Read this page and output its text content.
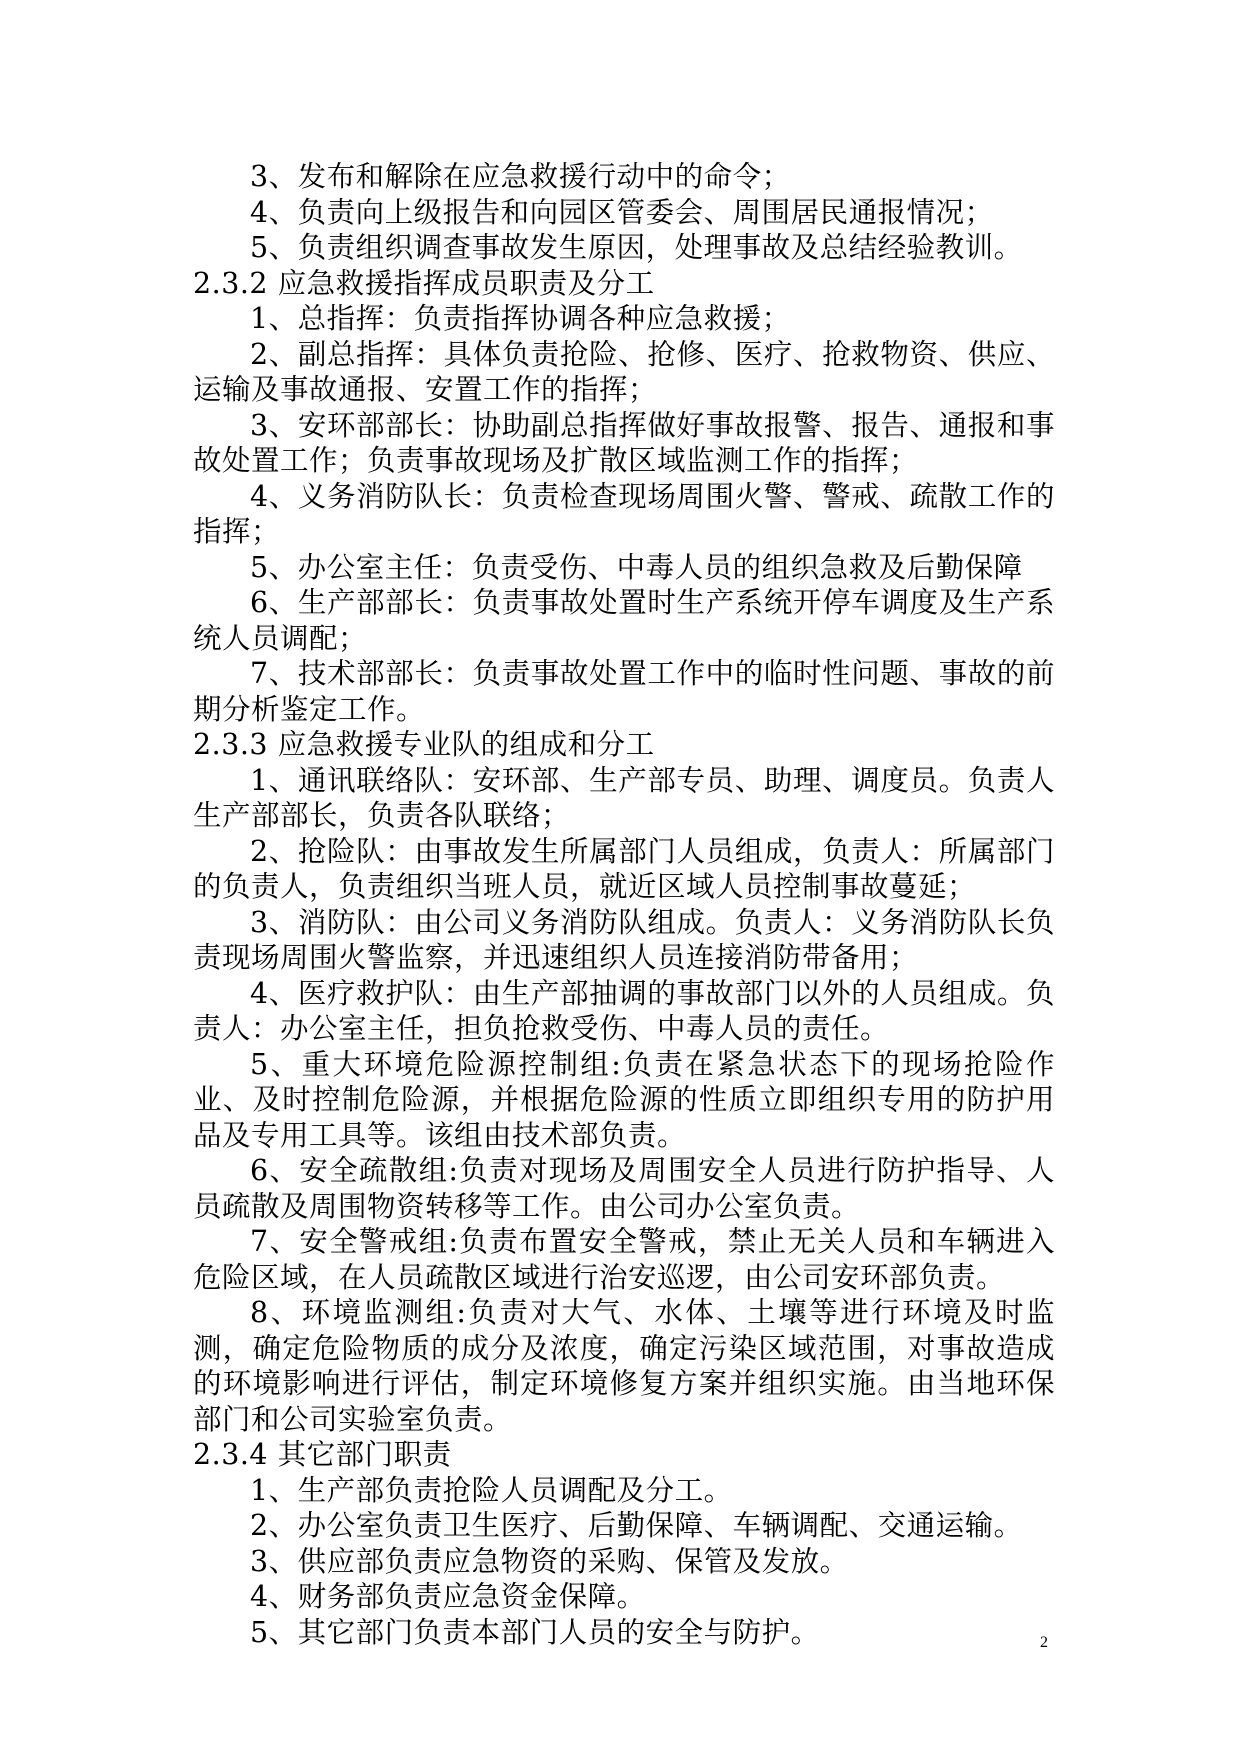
3、发布和解除在应急救援行动中的命令；

4、负责向上级报告和向园区管委会、周围居民通报情况；

5、负责组织调查事故发生原因，处理事故及总结经验教训。

2.3.2 应急救援指挥成员职责及分工

1、总指挥：负责指挥协调各种应急救援；

2、副总指挥：具体负责抢险、抢修、医疗、抢救物资、供应、运输及事故通报、安置工作的指挥；

3、安环部部长：协助副总指挥做好事故报警、报告、通报和事故处置工作；负责事故现场及扩散区域监测工作的指挥；

4、义务消防队长：负责检查现场周围火警、警戒、疏散工作的指挥；

5、办公室主任：负责受伤、中毒人员的组织急救及后勤保障

6、生产部部长：负责事故处置时生产系统开停车调度及生产系统人员调配；

7、技术部部长：负责事故处置工作中的临时性问题、事故的前期分析鉴定工作。

2.3.3 应急救援专业队的组成和分工

1、通讯联络队：安环部、生产部专员、助理、调度员。负责人生产部部长，负责各队联络；

2、抢险队：由事故发生所属部门人员组成，负责人：所属部门的负责人，负责组织当班人员，就近区域人员控制事故蔓延；

3、消防队：由公司义务消防队组成。负责人：义务消防队长负责现场周围火警监察，并迅速组织人员连接消防带备用；

4、医疗救护队：由生产部抽调的事故部门以外的人员组成。负责人：办公室主任，担负抢救受伤、中毒人员的责任。

5、重大环境危险源控制组:负责在紧急状态下的现场抢险作业、及时控制危险源，并根据危险源的性质立即组织专用的防护用品及专用工具等。该组由技术部负责。

6、安全疏散组:负责对现场及周围安全人员进行防护指导、人员疏散及周围物资转移等工作。由公司办公室负责。

7、安全警戒组:负责布置安全警戒，禁止无关人员和车辆进入危险区域，在人员疏散区域进行治安巡逻，由公司安环部负责。

8、环境监测组:负责对大气、水体、土壤等进行环境及时监测，确定危险物质的成分及浓度，确定污染区域范围，对事故造成的环境影响进行评估，制定环境修复方案并组织实施。由当地环保部门和公司实验室负责。

2.3.4 其它部门职责

1、生产部负责抢险人员调配及分工。

2、办公室负责卫生医疗、后勤保障、车辆调配、交通运输。

3、供应部负责应急物资的采购、保管及发放。

4、财务部负责应急资金保障。

5、其它部门负责本部门人员的安全与防护。	2
